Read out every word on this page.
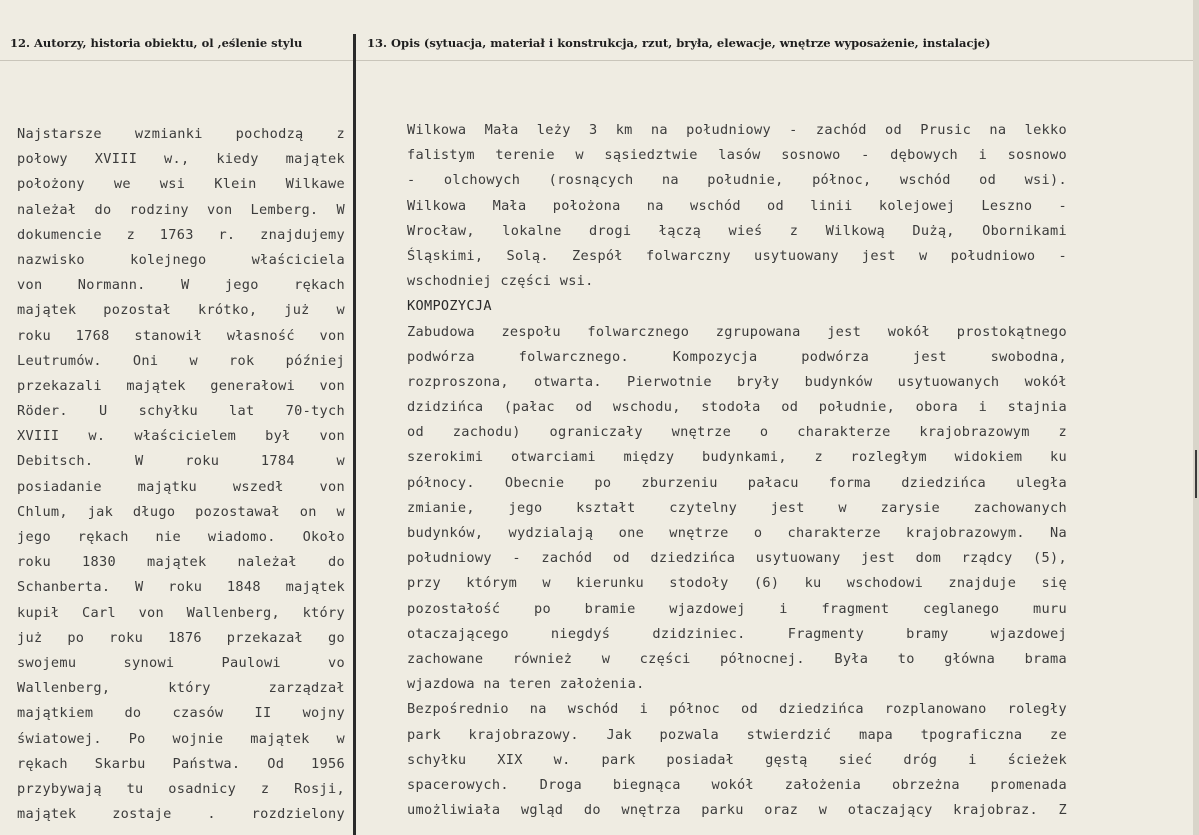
12. Autorzy, historia obiektu, ol ,eślenie stylu	13. Opis (sytuacja, materiał i konstrukcja, rzut, bryła, elewacje, wnętrze wyposażenie, instalacje)
Najstarsze wzmianki pochodzą z
połowy XVIII w., kiedy majątek
położony we wsi Klein Wilkawe
należał do rodziny von Lemberg. W
dokumencie z 1763 r. znajdujemy
nazwisko kolejnego właściciela
von Normann. W jego rękach
majątek pozostał krótko, już w
roku 1768 stanowił własność von
Leutrumów. Oni w rok później
przekazali majątek generałowi von
Röder. U schyłku lat 70-tych
XVIII w. właścicielem był von
Debitsch. W roku 1784 w
posiadanie majątku wszedł von
Chlum, jak długo pozostawał on w
jego rękach nie wiadomo. Około
roku 1830 majątek należał do
Schanberta. W roku 1848 majątek
kupił Carl von Wallenberg, który
już po roku 1876 przekazał go
swojemu synowi Paulowi vo
Wallenberg, który zarządzał
majątkiem do czasów II wojny
światowej. Po wojnie majątek w
rękach Skarbu Państwa. Od 1956
przybywają tu osadnicy z Rosji,
majątek zostaje . rozdzielony
Wilkowa Mała leży 3 km na południowy - zachód od Prusic na lekko
falistym terenie w sąsiedztwie lasów sosnowo - dębowych i sosnowo
- olchowych (rosnących na południe, północ, wschód od wsi).
Wilkowa Mała położona na wschód od linii kolejowej Leszno -
Wrocław, lokalne drogi łączą wieś z Wilkową Dużą, Obornikami
Śląskimi, Solą. Zespół folwarczny usytuowany jest w południowo -
wschodniej części wsi.
KOMPOZYCJA
Zabudowa zespołu folwarcznego zgrupowana jest wokół prostokątnego
podwórza folwarcznego. Kompozycja podwórza jest swobodna,
rozproszona, otwarta. Pierwotnie bryły budynków usytuowanych wokół
dzidzińca (pałac od wschodu, stodoła od południe, obora i stajnia
od zachodu) ograniczały wnętrze o charakterze krajobrazowym z
szerokimi otwarciami między budynkami, z rozległym widokiem ku
północy. Obecnie po zburzeniu pałacu forma dziedzińca uległa
zmianie, jego kształt czytelny jest w zarysie zachowanych
budynków, wydzialają one wnętrze o charakterze krajobrazowym. Na
południowy - zachód od dziedzińca usytuowany jest dom rządcy (5),
przy którym w kierunku stodoły (6) ku wschodowi znajduje się
pozostałość po bramie wjazdowej i fragment ceglanego muru
otaczającego niegdyś dzidziniec. Fragmenty bramy wjazdowej
zachowane również w części północnej. Była to główna brama
wjazdowa na teren założenia.
Bezpośrednio na wschód i północ od dziedzińca rozplanowano roległy
park krajobrazowy. Jak pozwala stwierdzić mapa tpograficzna ze
schyłku XIX w. park posiadał gęstą sieć dróg i ścieżek
spacerowych. Droga biegnąca wokół założenia obrzeżna promenada
umożliwiała wgląd do wnętrza parku oraz w otaczający krajobraz. Z
